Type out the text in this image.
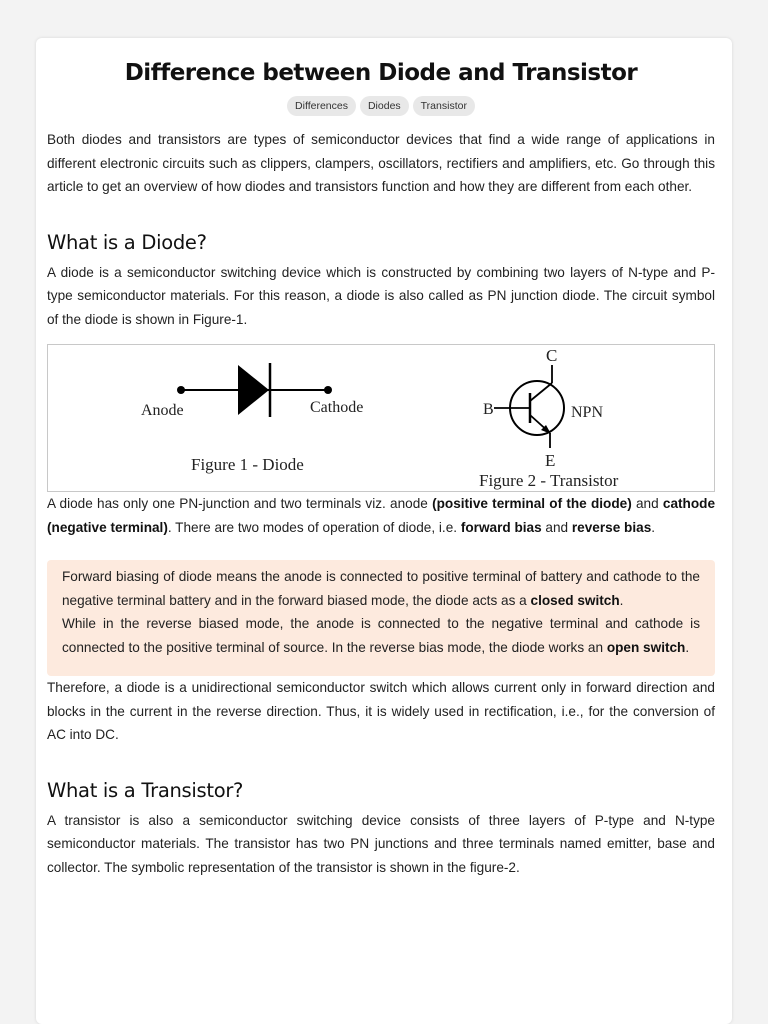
Difference between Diode and Transistor
Differences	Diodes	Transistor

Both diodes and transistors are types of semiconductor devices that find a wide range of applications in different electronic circuits such as clippers, clampers, oscillators, rectifiers and amplifiers, etc. Go through this article to get an overview of how diodes and transistors function and how they are different from each other.

What is a Diode?

A diode is a semiconductor switching device which is constructed by combining two layers of N-type and P-type semiconductor materials. For this reason, a diode is also called as PN junction diode. The circuit symbol of the diode is shown in Figure-1.

Anode	Cathode
Figure 1 - Diode
C
B	NPN
E
Figure 2 - Transistor

A diode has only one PN-junction and two terminals viz. anode (positive terminal of the diode) and cathode (negative terminal). There are two modes of operation of diode, i.e. forward bias and reverse bias.

Forward biasing of diode means the anode is connected to positive terminal of battery and cathode to the negative terminal battery and in the forward biased mode, the diode acts as a closed switch.

While in the reverse biased mode, the anode is connected to the negative terminal and cathode is connected to the positive terminal of source. In the reverse bias mode, the diode works an open switch.

Therefore, a diode is a unidirectional semiconductor switch which allows current only in forward direction and blocks in the current in the reverse direction. Thus, it is widely used in rectification, i.e., for the conversion of AC into DC.

What is a Transistor?

A transistor is also a semiconductor switching device consists of three layers of P-type and N-type semiconductor materials. The transistor has two PN junctions and three terminals named emitter, base and collector. The symbolic representation of the transistor is shown in the figure-2.
